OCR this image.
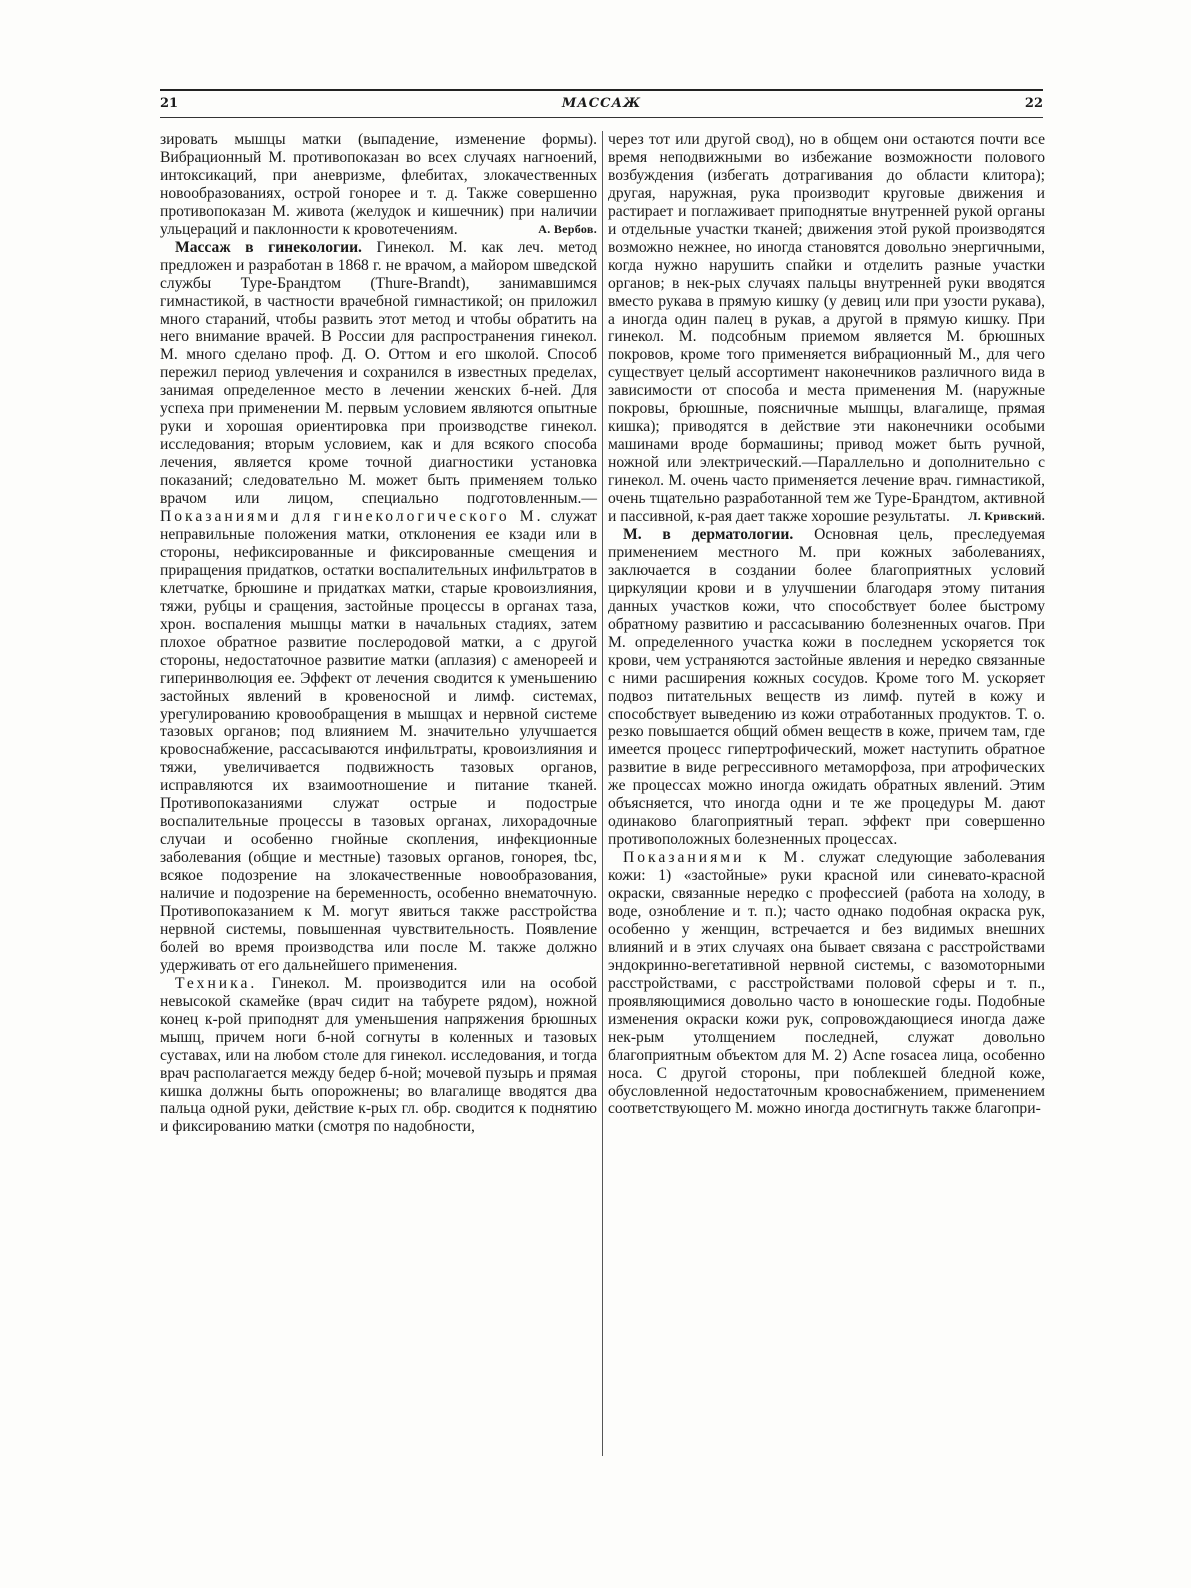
21	МАССАЖ	22

зировать мышцы матки (выпадение, изменение формы). Вибрационный М. противопоказан во всех случаях нагноений, интоксикаций, при аневризме, флебитах, злокачественных новообразованиях, острой гонорее и т. д. Также совершенно противопоказан М. живота (желудок и кишечник) при наличии ульцераций и паклонности к кровотечениям.	А. Вербов.

Массаж в гинекологии. Гинекол. М. как леч. метод предложен и разработан в 1868 г. не врачом, а майором шведской службы Туре-Брандтом (Thure-Brandt), занимавшимся гимнастикой, в частности врачебной гимнастикой; он приложил много стараний, чтобы развить этот метод и чтобы обратить на него внимание врачей. В России для распространения гинекол. М. много сделано проф. Д. О. Оттом и его школой. Способ пережил период увлечения и сохранился в известных пределах, занимая определенное место в лечении женских б-ней. Для успеха при применении М. первым условием являются опытные руки и хорошая ориентировка при производстве гинекол. исследования; вторым условием, как и для всякого способа лечения, является кроме точной диагностики установка показаний; следовательно М. может быть применяем только врачом или лицом, специально подготовленным.—Показаниями для гинекологического М. служат неправильные положения матки, отклонения ее кзади или в стороны, нефиксированные и фиксированные смещения и приращения придатков, остатки воспалительных инфильтратов в клетчатке, брюшине и придатках матки, старые кровоизлияния, тяжи, рубцы и сращения, застойные процессы в органах таза, хрон. воспаления мышцы матки в начальных стадиях, затем плохое обратное развитие послеродовой матки, а с другой стороны, недостаточное развитие матки (аплазия) с аменореей и гиперинволюция ее. Эффект от лечения сводится к уменьшению застойных явлений в кровеносной и лимф. системах, урегулированию кровообращения в мышцах и нервной системе тазовых органов; под влиянием М. значительно улучшается кровоснабжение, рассасываются инфильтраты, кровоизлияния и тяжи, увеличивается подвижность тазовых органов, исправляются их взаимоотношение и питание тканей. Противопоказаниями служат острые и подострые воспалительные процессы в тазовых органах, лихорадочные случаи и особенно гнойные скопления, инфекционные заболевания (общие и местные) тазовых органов, гонорея, tbc, всякое подозрение на злокачественные новообразования, наличие и подозрение на беременность, особенно внематочную. Противопоказанием к М. могут явиться также расстройства нервной системы, повышенная чувствительность. Появление болей во время производства или после М. также должно удерживать от его дальнейшего применения.

Техника. Гинекол. М. производится или на особой невысокой скамейке (врач сидит на табурете рядом), ножной конец к-рой приподнят для уменьшения напряжения брюшных мышц, причем ноги б-ной согнуты в коленных и тазовых суставах, или на любом столе для гинекол. исследования, и тогда врач располагается между бедер б-ной; мочевой пузырь и прямая кишка должны быть опорожнены; во влагалище вводятся два пальца одной руки, действие к-рых гл. обр. сводится к поднятию и фиксированию матки (смотря по надобности,

через тот или другой свод), но в общем они остаются почти все время неподвижными во избежание возможности полового возбуждения (избегать дотрагивания до области клитора); другая, наружная, рука производит круговые движения и растирает и поглаживает приподнятые внутренней рукой органы и отдельные участки тканей; движения этой рукой производятся возможно нежнее, но иногда становятся довольно энергичными, когда нужно нарушить спайки и отделить разные участки органов; в нек-рых случаях пальцы внутренней руки вводятся вместо рукава в прямую кишку (у девиц или при узости рукава), а иногда один палец в рукав, а другой в прямую кишку. При гинекол. М. подсобным приемом является М. брюшных покровов, кроме того применяется вибрационный М., для чего существует целый ассортимент наконечников различного вида в зависимости от способа и места применения М. (наружные покровы, брюшные, поясничные мышцы, влагалище, прямая кишка); приводятся в действие эти наконечники особыми машинами вроде бормашины; привод может быть ручной, ножной или электрический.—Параллельно и дополнительно с гинекол. М. очень часто применяется лечение врач. гимнастикой, очень тщательно разработанной тем же Туре-Брандтом, активной и пассивной, к-рая дает также хорошие результаты. Л. Кривский.

М. в дерматологии. Основная цель, преследуемая применением местного М. при кожных заболеваниях, заключается в создании более благоприятных условий циркуляции крови и в улучшении благодаря этому питания данных участков кожи, что способствует более быстрому обратному развитию и рассасыванию болезненных очагов. При М. определенного участка кожи в последнем ускоряется ток крови, чем устраняются застойные явления и нередко связанные с ними расширения кожных сосудов. Кроме того М. ускоряет подвоз питательных веществ из лимф. путей в кожу и способствует выведению из кожи отработанных продуктов. Т. о. резко повышается общий обмен веществ в коже, причем там, где имеется процесс гипертрофический, может наступить обратное развитие в виде регрессивного метаморфоза, при атрофических же процессах можно иногда ожидать обратных явлений. Этим объясняется, что иногда одни и те же процедуры М. дают одинаково благоприятный терап. эффект при совершенно противоположных болезненных процессах.

Показаниями к М. служат следующие заболевания кожи: 1) «застойные» руки красной или синевато-красной окраски, связанные нередко с профессией (работа на холоду, в воде, ознобление и т. п.); часто однако подобная окраска рук, особенно у женщин, встречается и без видимых внешних влияний и в этих случаях она бывает связана с расстройствами эндокринно-вегетативной нервной системы, с вазомоторными расстройствами, с расстройствами половой сферы и т. п., проявляющимися довольно часто в юношеские годы. Подобные изменения окраски кожи рук, сопровождающиеся иногда даже нек-рым утолщением последней, служат довольно благоприятным объектом для М. 2) Acne rosacea лица, особенно носа. С другой стороны, при поблекшей бледной коже, обусловленной недостаточным кровоснабжением, применением соответствующего М. можно иногда достигнуть также благопри-
